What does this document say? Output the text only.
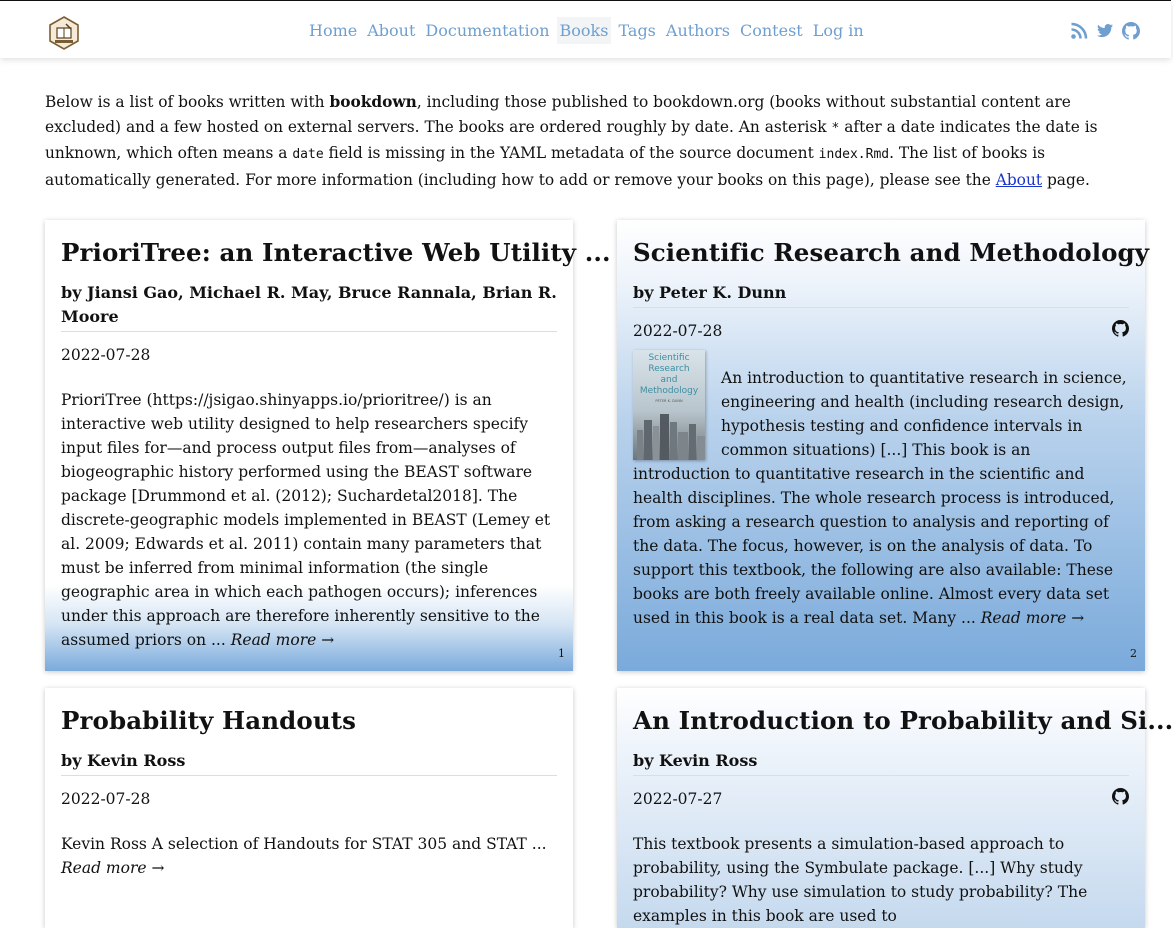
Home About Documentation Books Tags Authors Contest Log in

Below is a list of books written with bookdown, including those published to bookdown.org (books without substantial content are excluded) and a few hosted on external servers. The books are ordered roughly by date. An asterisk * after a date indicates the date is unknown, which often means a date field is missing in the YAML metadata of the source document index.Rmd. The list of books is automatically generated. For more information (including how to add or remove your books on this page), please see the About page.

PrioriTree: an Interactive Web Utility ...
by Jiansi Gao, Michael R. May, Bruce Rannala, Brian R. Moore
2022-07-28
PrioriTree (https://jsigao.shinyapps.io/prioritree/) is an interactive web utility designed to help researchers specify input files for—and process output files from—analyses of biogeographic history performed using the BEAST software package [Drummond et al. (2012); Suchardetal2018]. The discrete-geographic models implemented in BEAST (Lemey et al. 2009; Edwards et al. 2011) contain many parameters that must be inferred from minimal information (the single geographic area in which each pathogen occurs); inferences under this approach are therefore inherently sensitive to the assumed priors on ... Read more →
1
Scientific Research and Methodology
by Peter K. Dunn
2022-07-28
Scientific
Research
and
Methodology
PETER K. DUNN
An introduction to quantitative research in science, engineering and health (including research design, hypothesis testing and confidence intervals in common situations) [...] This book is an introduction to quantitative research in the scientific and health disciplines. The whole research process is introduced, from asking a research question to analysis and reporting of the data. The focus, however, is on the analysis of data. To support this textbook, the following are also available: These books are both freely available online. Almost every data set used in this book is a real data set. Many ... Read more →
2
Probability Handouts
by Kevin Ross
2022-07-28
Kevin Ross A selection of Handouts for STAT 305 and STAT ... Read more →
An Introduction to Probability and Si...
by Kevin Ross
2022-07-27
This textbook presents a simulation-based approach to probability, using the Symbulate package. [...] Why study probability? Why use simulation to study probability? The examples in this book are used to
